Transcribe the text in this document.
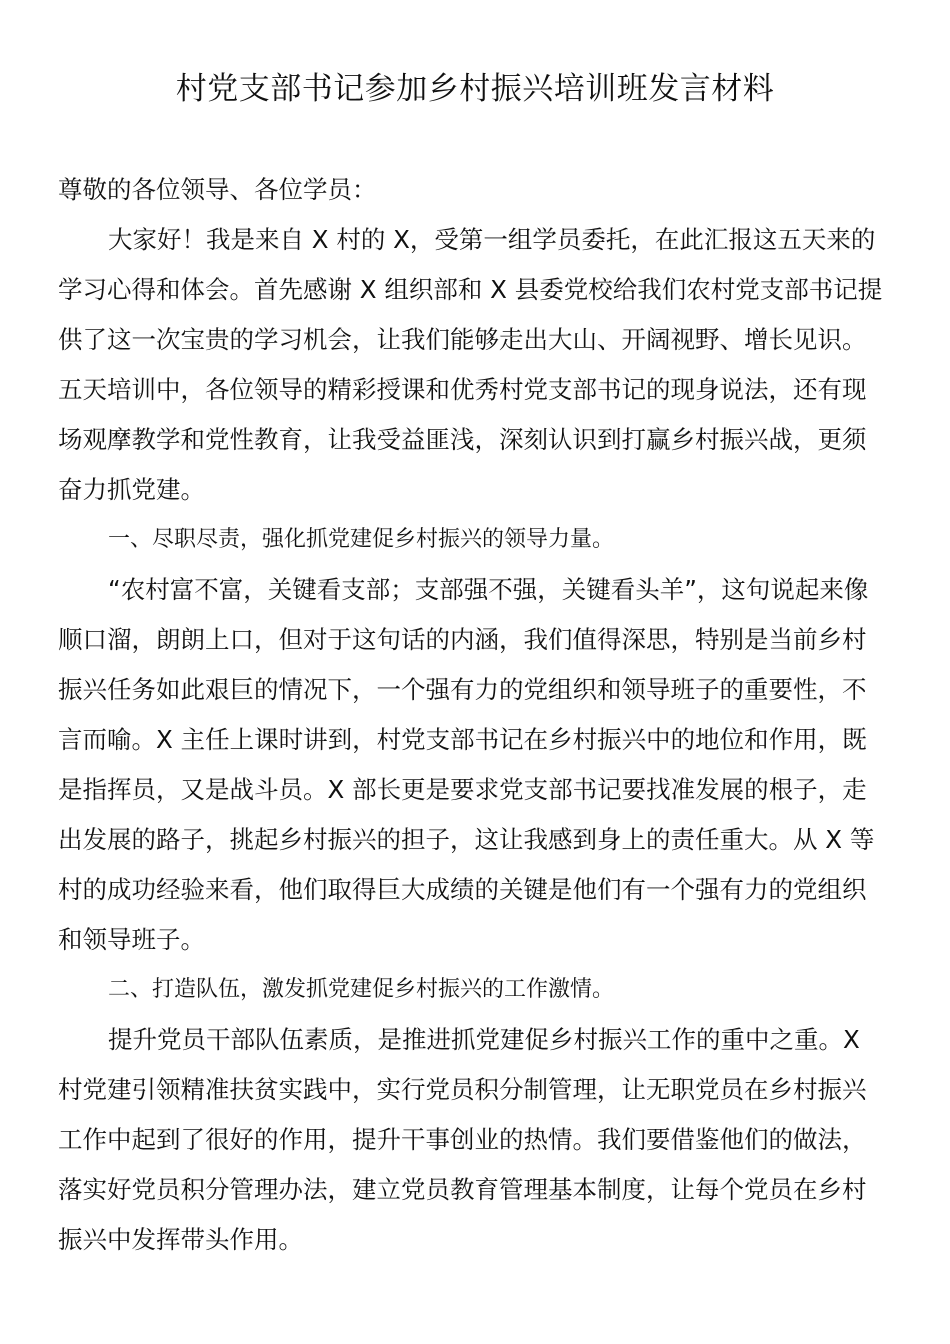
村党支部书记参加乡村振兴培训班发言材料
尊敬的各位领导、各位学员：
大家好！我是来自 X 村的 X，受第一组学员委托，在此汇报这五天来的
学习心得和体会。首先感谢 X 组织部和 X 县委党校给我们农村党支部书记提
供了这一次宝贵的学习机会，让我们能够走出大山、开阔视野、增长见识。
五天培训中，各位领导的精彩授课和优秀村党支部书记的现身说法，还有现
场观摩教学和党性教育，让我受益匪浅，深刻认识到打赢乡村振兴战，更须
奋力抓党建。
一、尽职尽责，强化抓党建促乡村振兴的领导力量。
“农村富不富，关键看支部；支部强不强，关键看头羊”，这句说起来像
顺口溜，朗朗上口，但对于这句话的内涵，我们值得深思，特别是当前乡村
振兴任务如此艰巨的情况下，一个强有力的党组织和领导班子的重要性，不
言而喻。X 主任上课时讲到，村党支部书记在乡村振兴中的地位和作用，既
是指挥员，又是战斗员。X 部长更是要求党支部书记要找准发展的根子，走
出发展的路子，挑起乡村振兴的担子，这让我感到身上的责任重大。从 X 等
村的成功经验来看，他们取得巨大成绩的关键是他们有一个强有力的党组织
和领导班子。
二、打造队伍，激发抓党建促乡村振兴的工作激情。
提升党员干部队伍素质，是推进抓党建促乡村振兴工作的重中之重。X
村党建引领精准扶贫实践中，实行党员积分制管理，让无职党员在乡村振兴
工作中起到了很好的作用，提升干事创业的热情。我们要借鉴他们的做法，
落实好党员积分管理办法，建立党员教育管理基本制度，让每个党员在乡村
振兴中发挥带头作用。
